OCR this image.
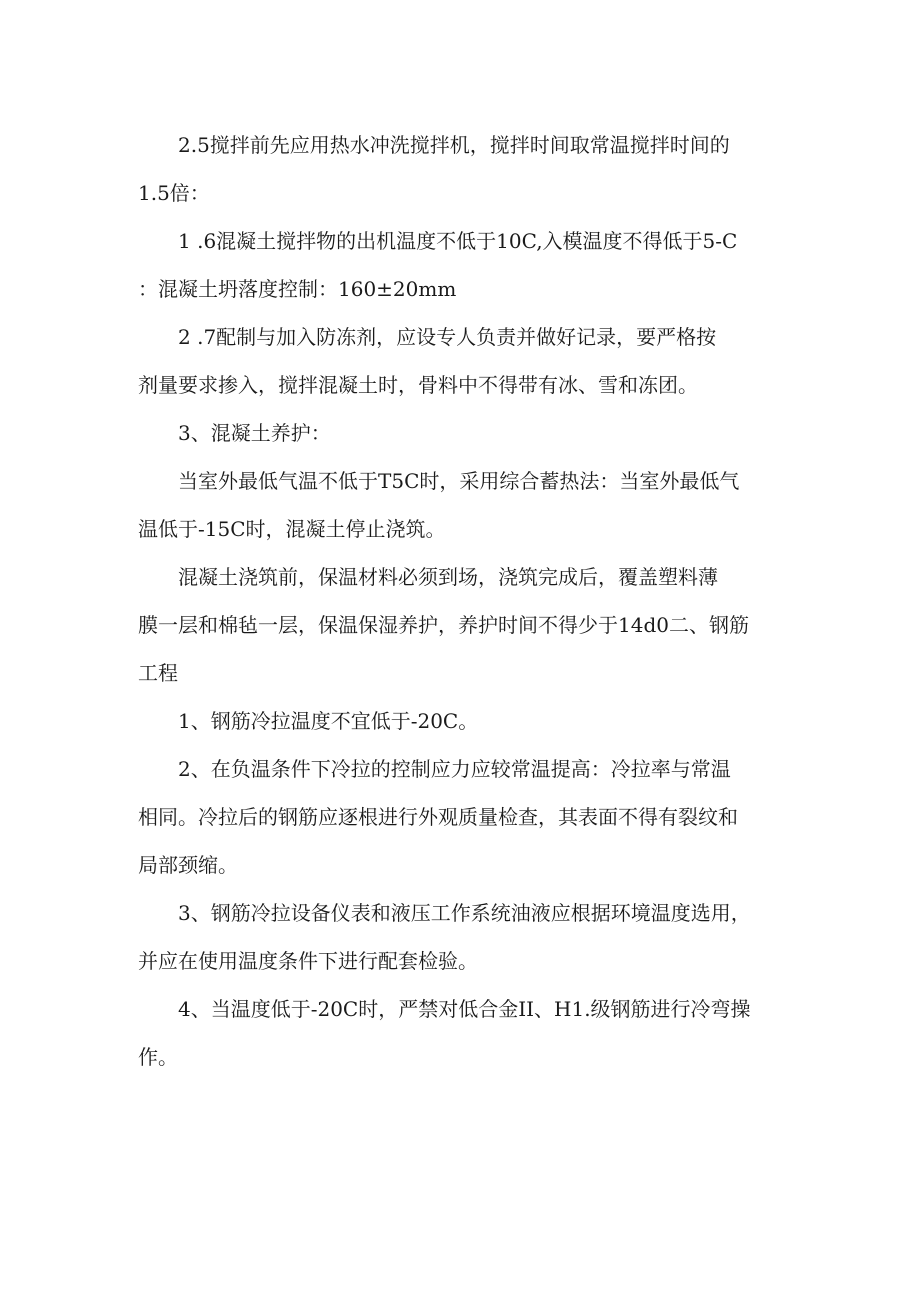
2.5搅拌前先应用热水冲洗搅拌机，搅拌时间取常温搅拌时间的
1.5倍：

1 .6混凝土搅拌物的出机温度不低于10C,入模温度不得低于5-C
：混凝土坍落度控制：160±20mm

2 .7配制与加入防冻剂，应设专人负责并做好记录，要严格按
剂量要求掺入，搅拌混凝土时，骨料中不得带有冰、雪和冻团。

3、混凝土养护：

当室外最低气温不低于T5C时，采用综合蓄热法：当室外最低气
温低于-15C时，混凝土停止浇筑。

混凝土浇筑前，保温材料必须到场，浇筑完成后，覆盖塑料薄
膜一层和棉毡一层，保温保湿养护，养护时间不得少于14d0二、钢筋
工程

1、钢筋冷拉温度不宜低于-20C。

2、在负温条件下冷拉的控制应力应较常温提高：冷拉率与常温
相同。冷拉后的钢筋应逐根进行外观质量检查，其表面不得有裂纹和
局部颈缩。

3、钢筋冷拉设备仪表和液压工作系统油液应根据环境温度选用，
并应在使用温度条件下进行配套检验。

4、当温度低于-20C时，严禁对低合金II、H1.级钢筋进行冷弯操
作。
